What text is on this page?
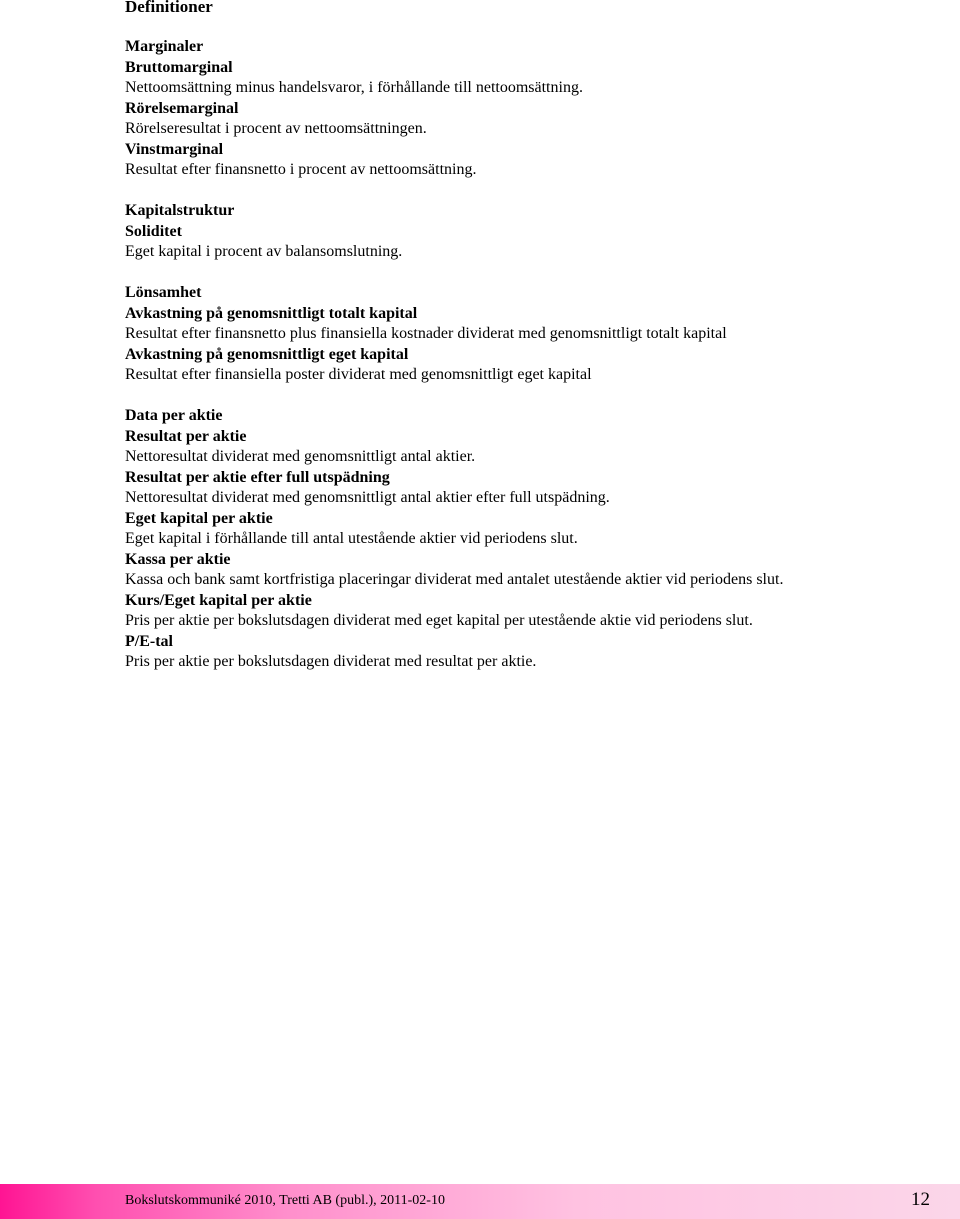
Definitioner

Marginaler

Bruttomarginal

Nettoomsättning minus handelsvaror, i förhållande till nettoomsättning.

Rörelsemarginal

Rörelseresultat i procent av nettoomsättningen.

Vinstmarginal

Resultat efter finansnetto i procent av nettoomsättning.

Kapitalstruktur

Soliditet

Eget kapital i procent av balansomslutning.

Lönsamhet

Avkastning på genomsnittligt totalt kapital

Resultat efter finansnetto plus finansiella kostnader dividerat med genomsnittligt totalt kapital

Avkastning på genomsnittligt eget kapital

Resultat efter finansiella poster dividerat med genomsnittligt eget kapital

Data per aktie

Resultat per aktie

Nettoresultat dividerat med genomsnittligt antal aktier.

Resultat per aktie efter full utspädning

Nettoresultat dividerat med genomsnittligt antal aktier efter full utspädning.

Eget kapital per aktie

Eget kapital i förhållande till antal utestående aktier vid periodens slut.

Kassa per aktie

Kassa och bank samt kortfristiga placeringar dividerat med antalet utestående aktier vid periodens slut.

Kurs/Eget kapital per aktie

Pris per aktie per bokslutsdagen dividerat med eget kapital per utestående aktie vid periodens slut.

P/E-tal

Pris per aktie per bokslutsdagen dividerat med resultat per aktie.

Bokslutskommuniké 2010, Tretti AB (publ.), 2011-02-10	12
